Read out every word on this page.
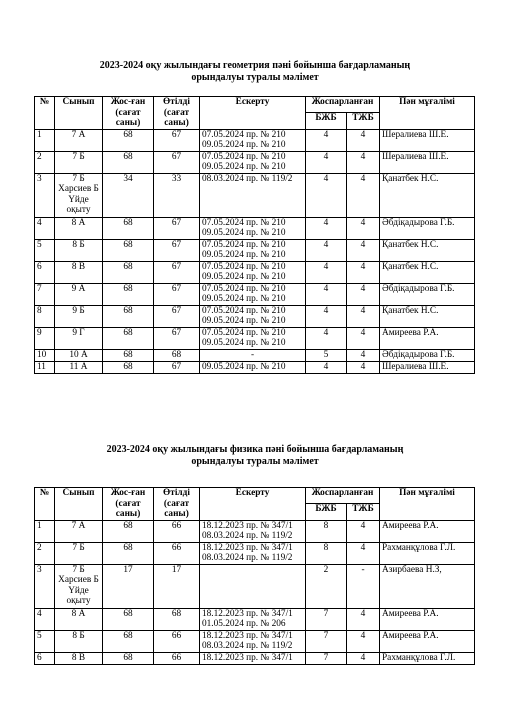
2023-2024 оқу жылындағы геометрия пәні бойынша бағдарламаның
орындалуы туралы мәлімет
№	Сынып	Жос-ған (сағат саны)	Өтілді (сағат саны)	Ескерту	Жоспарланған		Пән мұғалімі
					БЖБ	ТЖБ	
1	7 А	68	67	07.05.2024 пр. № 210
09.05.2024 пр. № 210	4	4	Шералиева Ш.Е.
2	7 Б	68	67	07.05.2024 пр. № 210
09.05.2024 пр. № 210	4	4	Шералиева Ш.Е.
3	7 Б Харсиев Б Үйде оқыту	34	33	08.03.2024 пр. № 119/2	4	4	Қанатбек Н.С.
4	8 А	68	67	07.05.2024 пр. № 210
09.05.2024 пр. № 210	4	4	Әбдіқадырова Г.Б.
5	8 Б	68	67	07.05.2024 пр. № 210
09.05.2024 пр. № 210	4	4	Қанатбек Н.С.
6	8 В	68	67	07.05.2024 пр. № 210
09.05.2024 пр. № 210	4	4	Қанатбек Н.С.
7	9 А	68	67	07.05.2024 пр. № 210
09.05.2024 пр. № 210	4	4	Әбдіқадырова Г.Б.
8	9 Б	68	67	07.05.2024 пр. № 210
09.05.2024 пр. № 210	4	4	Қанатбек Н.С.
9	9 Г	68	67	07.05.2024 пр. № 210
09.05.2024 пр. № 210	4	4	Амиреева Р.А.
10	10 А	68	68	-	5	4	Әбдіқадырова Г.Б.
11	11 А	68	67	09.05.2024 пр. № 210	4	4	Шералиева Ш.Е.
2023-2024 оқу жылындағы физика пәні бойынша бағдарламаның
орындалуы туралы мәлімет
№	Сынып	Жос-ған (сағат саны)	Өтілді (сағат саны)	Ескерту	Жоспарланған		Пән мұғалімі
					БЖБ	ТЖБ	
1	7 А	68	66	18.12.2023 пр. № 347/1
08.03.2024 пр. № 119/2	8	4	Амиреева Р.А.
2	7 Б	68	66	18.12.2023 пр. № 347/1
08.03.2024 пр. № 119/2	8	4	Рахманқұлова Г.Л.
3	7 Б Харсиев Б Үйде оқыту	17	17		2	-	Азирбаева Н.З,
4	8 А	68	68	18.12.2023 пр. № 347/1
01.05.2024 пр. № 206	7	4	Амиреева Р.А.
5	8 Б	68	66	18.12.2023 пр. № 347/1
08.03.2024 пр. № 119/2	7	4	Амиреева Р.А.
6	8 В	68	66	18.12.2023 пр. № 347/1	7	4	Рахманқұлова Г.Л.
